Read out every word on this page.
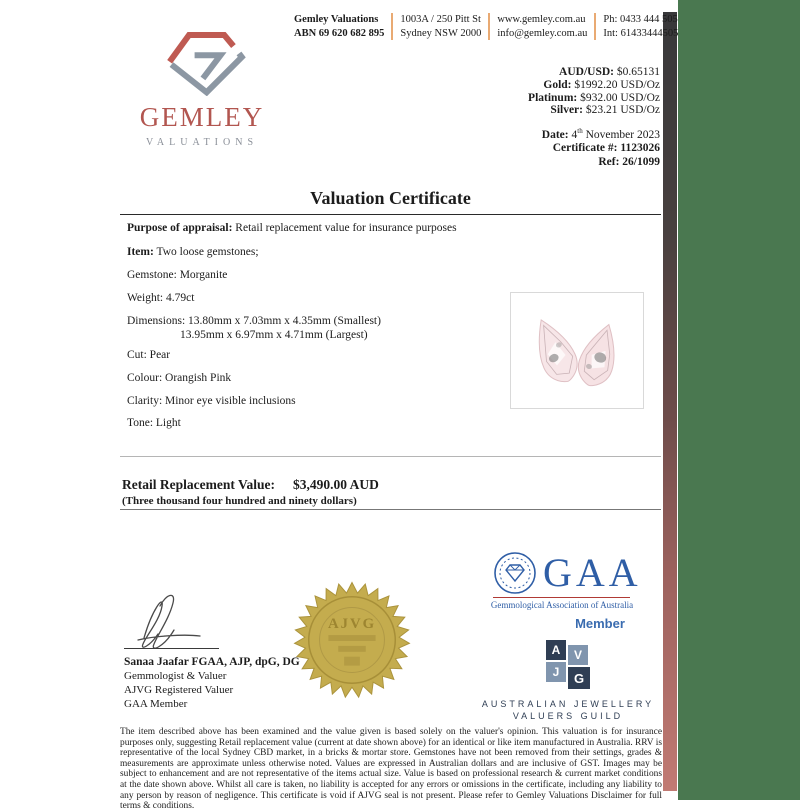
GEMLEY
VALUATIONS
Gemley Valuations
ABN 69 620 682 895
1003A / 250 Pitt St
Sydney NSW 2000
www.gemley.com.au
info@gemley.com.au
Ph: 0433 444 505
Int: 61433444505
AUD/USD: $0.65131
Gold: $1992.20 USD/Oz
Platinum: $932.00 USD/Oz
Silver: $23.21 USD/Oz
Date: 4th November 2023
Certificate #: 1123026
Ref: 26/1099
Valuation Certificate
Purpose of appraisal: Retail replacement value for insurance purposes
Item: Two loose gemstones;
Gemstone: Morganite
Weight: 4.79ct
Dimensions: 13.80mm x 7.03mm x 4.35mm (Smallest)
13.95mm x 6.97mm x 4.71mm (Largest)
Cut: Pear
Colour: Orangish Pink
Clarity: Minor eye visible inclusions
Tone: Light
Retail Replacement Value: $3,490.00 AUD
(Three thousand four hundred and ninety dollars)
Sanaa Jaafar FGAA, AJP, dpG, DG
Gemmologist & Valuer
AJVG Registered Valuer
GAA Member
AJVG
GAA
Gemmological Association of Australia
Member
A	V
J	G
AUSTRALIAN JEWELLERY
VALUERS GUILD
The item described above has been examined and the value given is based solely on the valuer's opinion. This valuation is for insurance purposes only, suggesting Retail replacement value (current at date shown above) for an identical or like item manufactured in Australia. RRV is representative of the local Sydney CBD market, in a bricks & mortar store. Gemstones have not been removed from their settings, grades & measurements are approximate unless otherwise noted. Values are expressed in Australian dollars and are inclusive of GST. Images may be subject to enhancement and are not representative of the items actual size. Value is based on professional research & current market conditions at the date shown above. Whilst all care is taken, no liability is accepted for any errors or omissions in the certificate, including any liability to any person by reason of negligence. This certificate is void if AJVG seal is not present. Please refer to Gemley Valuations Disclaimer for full terms & conditions.
